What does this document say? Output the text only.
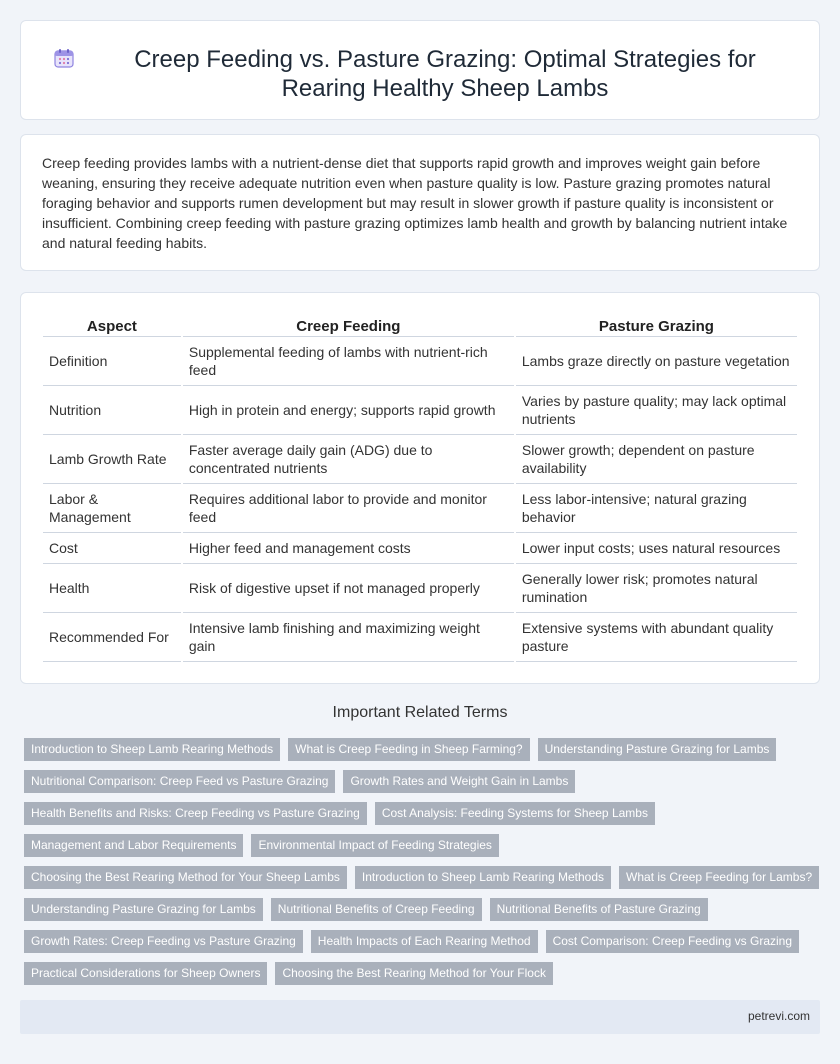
Creep Feeding vs. Pasture Grazing: Optimal Strategies for Rearing Healthy Sheep Lambs

Creep feeding provides lambs with a nutrient-dense diet that supports rapid growth and improves weight gain before weaning, ensuring they receive adequate nutrition even when pasture quality is low. Pasture grazing promotes natural foraging behavior and supports rumen development but may result in slower growth if pasture quality is inconsistent or insufficient. Combining creep feeding with pasture grazing optimizes lamb health and growth by balancing nutrient intake and natural feeding habits.

Aspect	Creep Feeding	Pasture Grazing
Definition	Supplemental feeding of lambs with nutrient-rich feed	Lambs graze directly on pasture vegetation
Nutrition	High in protein and energy; supports rapid growth	Varies by pasture quality; may lack optimal nutrients
Lamb Growth Rate	Faster average daily gain (ADG) due to concentrated nutrients	Slower growth; dependent on pasture availability
Labor & Management	Requires additional labor to provide and monitor feed	Less labor-intensive; natural grazing behavior
Cost	Higher feed and management costs	Lower input costs; uses natural resources
Health	Risk of digestive upset if not managed properly	Generally lower risk; promotes natural rumination
Recommended For	Intensive lamb finishing and maximizing weight gain	Extensive systems with abundant quality pasture
Important Related Terms
Introduction to Sheep Lamb Rearing Methods	What is Creep Feeding in Sheep Farming?	Understanding Pasture Grazing for Lambs
Nutritional Comparison: Creep Feed vs Pasture Grazing	Growth Rates and Weight Gain in Lambs
Health Benefits and Risks: Creep Feeding vs Pasture Grazing	Cost Analysis: Feeding Systems for Sheep Lambs
Management and Labor Requirements	Environmental Impact of Feeding Strategies
Choosing the Best Rearing Method for Your Sheep Lambs	Introduction to Sheep Lamb Rearing Methods	What is Creep Feeding for Lambs?
Understanding Pasture Grazing for Lambs	Nutritional Benefits of Creep Feeding	Nutritional Benefits of Pasture Grazing
Growth Rates: Creep Feeding vs Pasture Grazing	Health Impacts of Each Rearing Method	Cost Comparison: Creep Feeding vs Grazing
Practical Considerations for Sheep Owners	Choosing the Best Rearing Method for Your Flock
petrevi.com
